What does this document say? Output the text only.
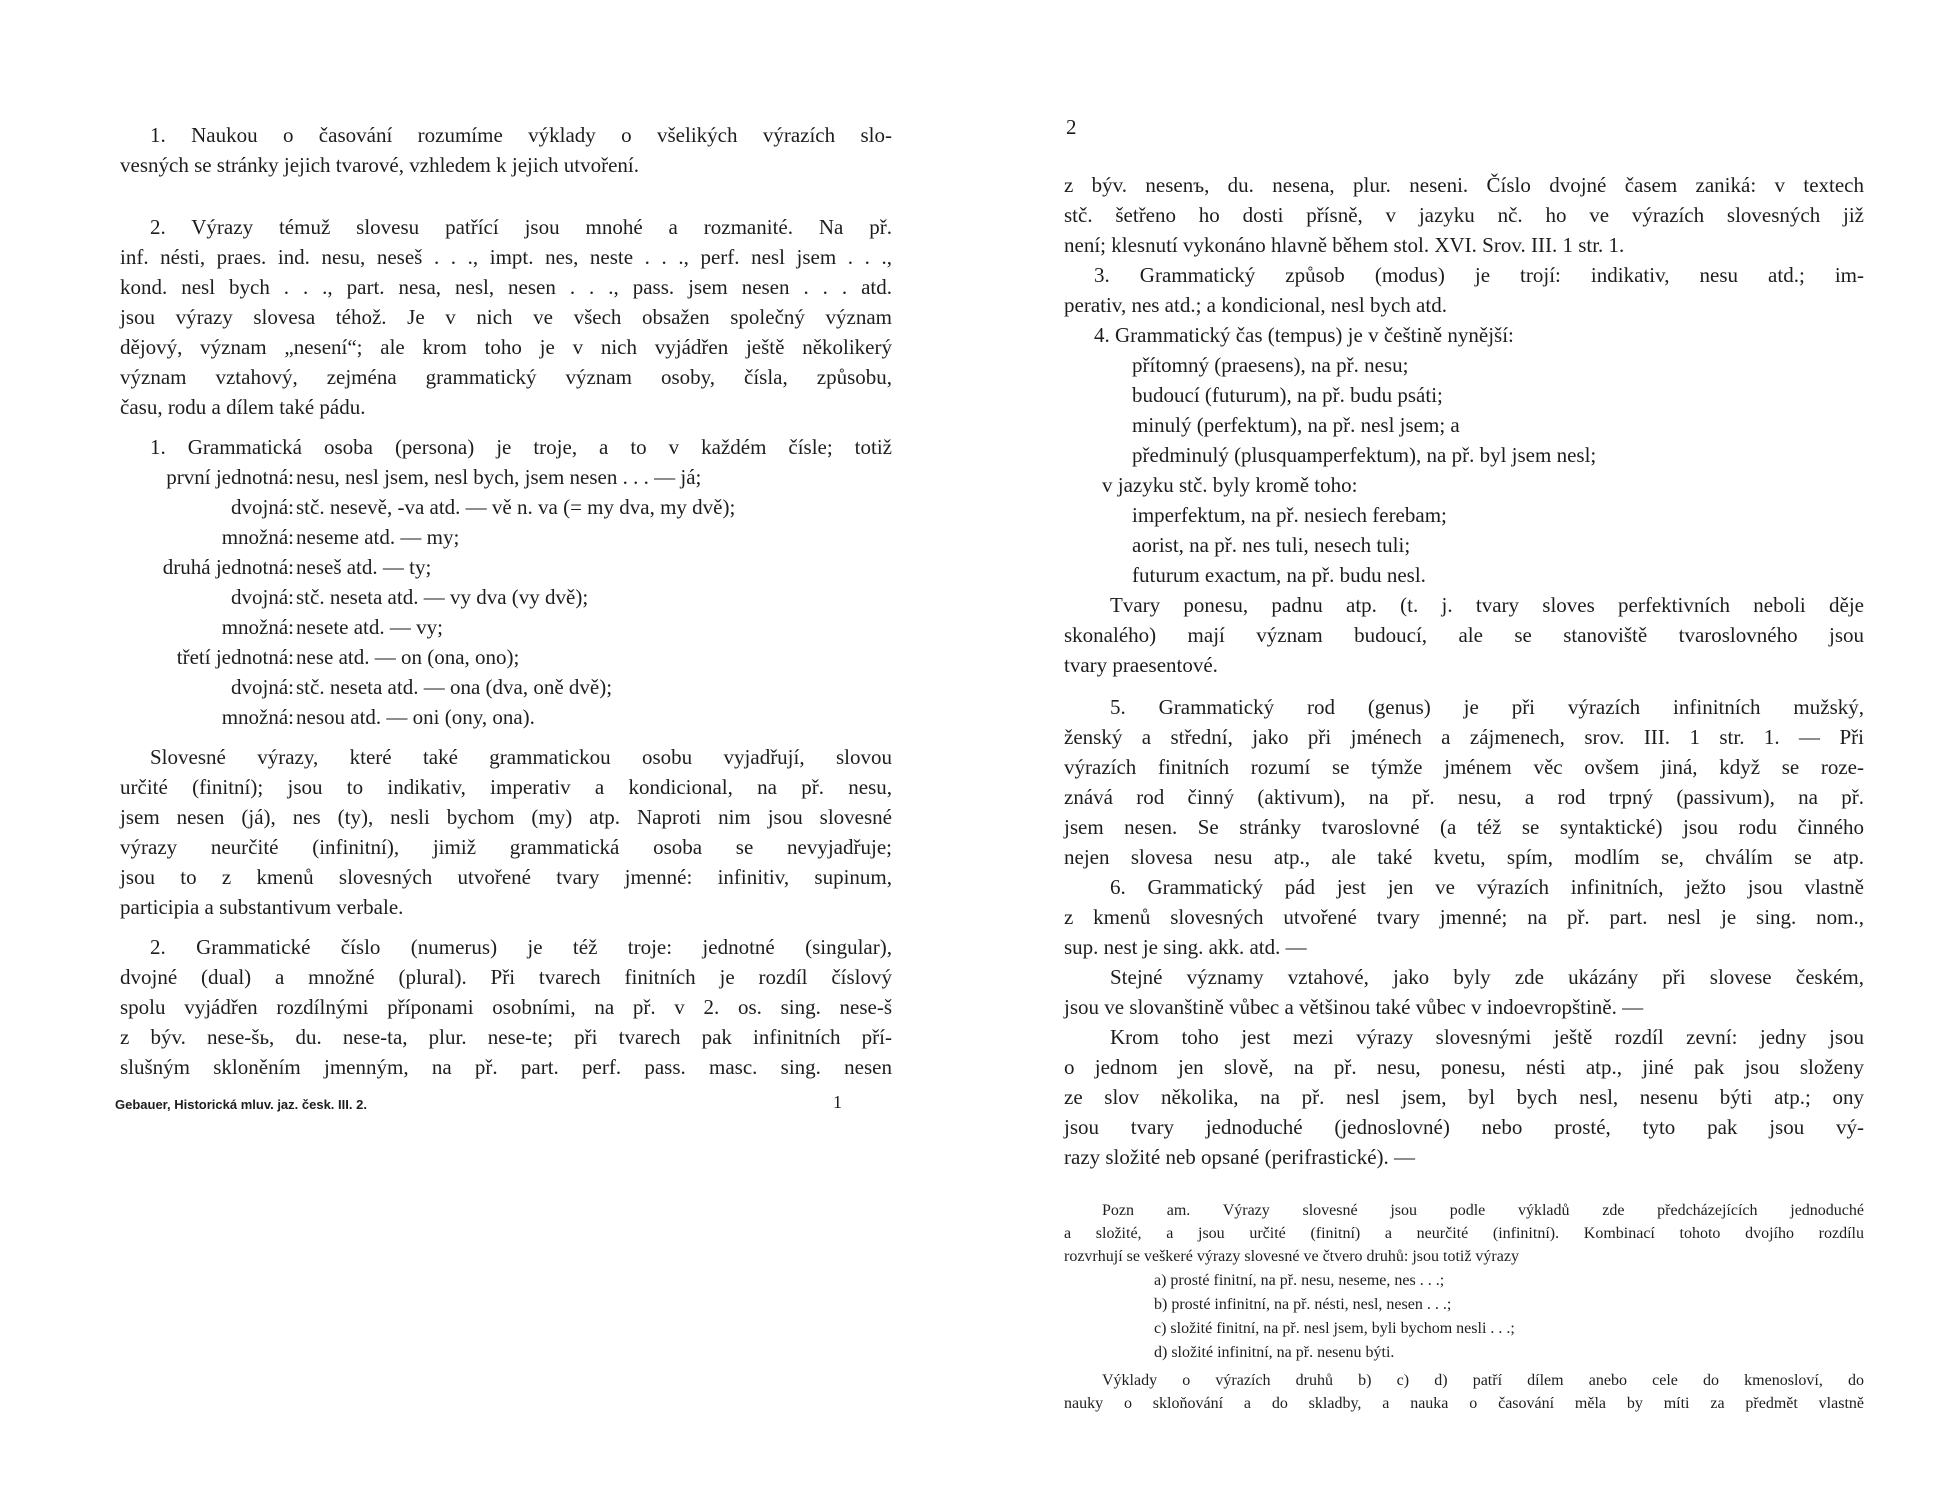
1. Naukou o časování rozumíme výklady o všelikých výrazích slo-
vesných se stránky jejich tvarové, vzhledem k jejich utvoření.
2. Výrazy témuž slovesu patřící jsou mnohé a rozmanité. Na př.
inf. nésti, praes. ind. nesu, neseš . . ., impt. nes, neste . . ., perf. nesl jsem . . .,
kond. nesl bych . . ., part. nesa, nesl, nesen . . ., pass. jsem nesen . . . atd.
jsou výrazy slovesa téhož. Je v nich ve všech obsažen společný význam
dějový, význam „nesení“; ale krom toho je v nich vyjádřen ještě několikerý
význam vztahový, zejména grammatický význam osoby, čísla, způsobu,
času, rodu a dílem také pádu.
1. Grammatická osoba (persona) je troje, a to v každém čísle; totiž
první jednotná: nesu, nesl jsem, nesl bych, jsem nesen . . . — já;
dvojná: stč. nesevě, -va atd. — vě n. va (= my dva, my dvě);
množná: neseme atd. — my;
druhá jednotná: neseš atd. — ty;
dvojná: stč. neseta atd. — vy dva (vy dvě);
množná: nesete atd. — vy;
třetí jednotná: nese atd. — on (ona, ono);
dvojná: stč. neseta atd. — ona (dva, oně dvě);
množná: nesou atd. — oni (ony, ona).
Slovesné výrazy, které také grammatickou osobu vyjadřují, slovou
určité (finitní); jsou to indikativ, imperativ a kondicional, na př. nesu,
jsem nesen (já), nes (ty), nesli bychom (my) atp. Naproti nim jsou slovesné
výrazy neurčité (infinitní), jimiž grammatická osoba se nevyjadřuje;
jsou to z kmenů slovesných utvořené tvary jmenné: infinitiv, supinum,
participia a substantivum verbale.
2. Grammatické číslo (numerus) je též troje: jednotné (singular),
dvojné (dual) a množné (plural). Při tvarech finitních je rozdíl číslový
spolu vyjádřen rozdílnými příponami osobními, na př. v 2. os. sing. nese-š
z býv. nese-šь, du. nese-ta, plur. nese-te; při tvarech pak infinitních pří-
slušným skloněním jmenným, na př. part. perf. pass. masc. sing. nesen
Gebauer, Historická mluv. jaz. česk. III. 2.	1
2
z býv. nesenъ, du. nesena, plur. neseni. Číslo dvojné časem zaniká: v textech
stč. šetřeno ho dosti přísně, v jazyku nč. ho ve výrazích slovesných již
není; klesnutí vykonáno hlavně během stol. XVI. Srov. III. 1 str. 1.
3. Grammatický způsob (modus) je trojí: indikativ, nesu atd.; im-
perativ, nes atd.; a kondicional, nesl bych atd.
4. Grammatický čas (tempus) je v češtině nynější:
přítomný (praesens), na př. nesu;
budoucí (futurum), na př. budu psáti;
minulý (perfektum), na př. nesl jsem; a
předminulý (plusquamperfektum), na př. byl jsem nesl;
v jazyku stč. byly kromě toho:
imperfektum, na př. nesiech ferebam;
aorist, na př. nes tuli, nesech tuli;
futurum exactum, na př. budu nesl.
Tvary ponesu, padnu atp. (t. j. tvary sloves perfektivních neboli děje
skonalého) mají význam budoucí, ale se stanoviště tvaroslovného jsou
tvary praesentové.
5. Grammatický rod (genus) je při výrazích infinitních mužský,
ženský a střední, jako při jménech a zájmenech, srov. III. 1 str. 1. — Při
výrazích finitních rozumí se týmže jménem věc ovšem jiná, když se roze-
znává rod činný (aktivum), na př. nesu, a rod trpný (passivum), na př.
jsem nesen. Se stránky tvaroslovné (a též se syntaktické) jsou rodu činného
nejen slovesa nesu atp., ale také kvetu, spím, modlím se, chválím se atp.
6. Grammatický pád jest jen ve výrazích infinitních, ježto jsou vlastně
z kmenů slovesných utvořené tvary jmenné; na př. part. nesl je sing. nom.,
sup. nest je sing. akk. atd. —
Stejné významy vztahové, jako byly zde ukázány při slovese českém,
jsou ve slovanštině vůbec a většinou také vůbec v indoevropštině. —
Krom toho jest mezi výrazy slovesnými ještě rozdíl zevní: jedny jsou
o jednom jen slově, na př. nesu, ponesu, nésti atp., jiné pak jsou složeny
ze slov několika, na př. nesl jsem, byl bych nesl, nesenu býti atp.; ony
jsou tvary jednoduché (jednoslovné) nebo prosté, tyto pak jsou vý-
razy složité neb opsané (perifrastické). —
Pozn am. Výrazy slovesné jsou podle výkladů zde předcházejících jednoduché
a složité, a jsou určité (finitní) a neurčité (infinitní). Kombinací tohoto dvojího rozdílu
rozvrhují se veškeré výrazy slovesné ve čtvero druhů: jsou totiž výrazy
a) prosté finitní, na př. nesu, neseme, nes . . .;
b) prosté infinitní, na př. nésti, nesl, nesen . . .;
c) složité finitní, na př. nesl jsem, byli bychom nesli . . .;
d) složité infinitní, na př. nesenu býti.
Výklady o výrazích druhů b) c) d) patří dílem anebo cele do kmenosloví, do
nauky o skloňování a do skladby, a nauka o časování měla by míti za předmět vlastně
